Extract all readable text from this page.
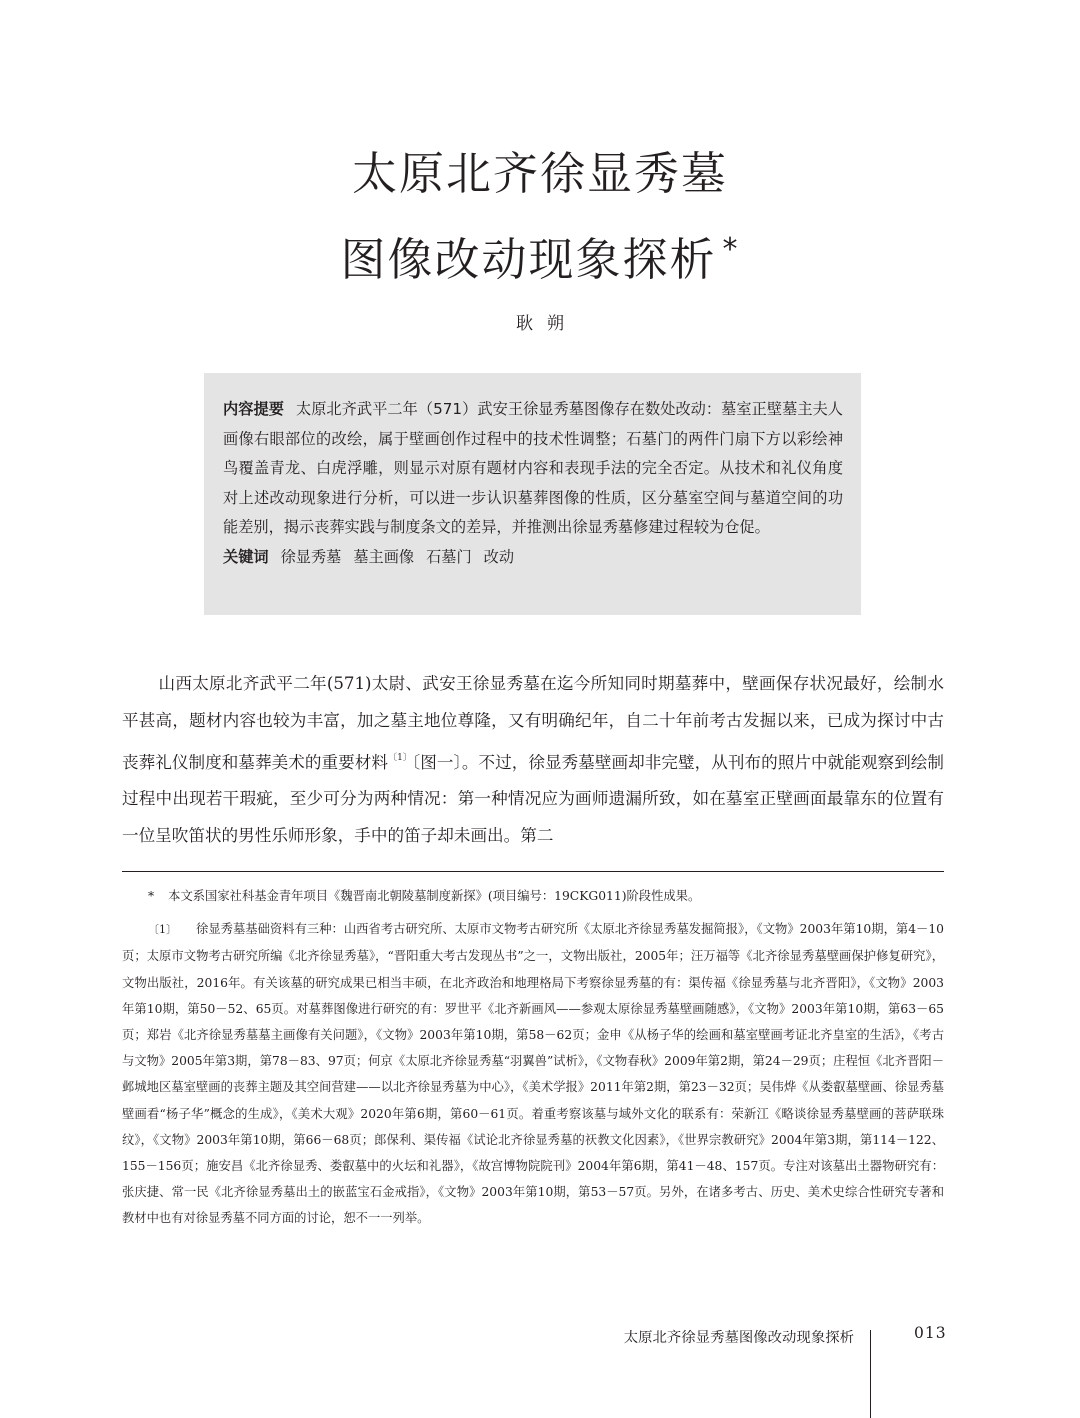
太原北齐徐显秀墓
图像改动现象探析 *
耿朔

内容提要 太原北齐武平二年（571）武安王徐显秀墓图像存在数处改动：墓室正壁墓主夫人画像右眼部位的改绘，属于壁画创作过程中的技术性调整；石墓门的两件门扇下方以彩绘神鸟覆盖青龙、白虎浮雕，则显示对原有题材内容和表现手法的完全否定。从技术和礼仪角度对上述改动现象进行分析，可以进一步认识墓葬图像的性质，区分墓室空间与墓道空间的功能差别，揭示丧葬实践与制度条文的差异，并推测出徐显秀墓修建过程较为仓促。

关键词 徐显秀墓 墓主画像 石墓门 改动

山西太原北齐武平二年(571)太尉、武安王徐显秀墓在迄今所知同时期墓葬中，壁画保存状况最好，绘制水平甚高，题材内容也较为丰富，加之墓主地位尊隆，又有明确纪年，自二十年前考古发掘以来，已成为探讨中古丧葬礼仪制度和墓葬美术的重要材料$^{〔1〕}$〔图一〕。不过，徐显秀墓壁画却非完璧，从刊布的照片中就能观察到绘制过程中出现若干瑕疵，至少可分为两种情况：第一种情况应为画师遗漏所致，如在墓室正壁画面最靠东的位置有一位呈吹笛状的男性乐师形象，手中的笛子却未画出。第二

* 本文系国家社科基金青年项目《魏晋南北朝陵墓制度新探》(项目编号：19CKG011)阶段性成果。

〔1〕 徐显秀墓基础资料有三种：山西省考古研究所、太原市文物考古研究所《太原北齐徐显秀墓发掘简报》，《文物》2003年第10期，第4－10页；太原市文物考古研究所编《北齐徐显秀墓》，“晋阳重大考古发现丛书”之一，文物出版社，2005年；汪万福等《北齐徐显秀墓壁画保护修复研究》，文物出版社，2016年。有关该墓的研究成果已相当丰硕，在北齐政治和地理格局下考察徐显秀墓的有：渠传福《徐显秀墓与北齐晋阳》，《文物》2003年第10期，第50－52、65页。对墓葬图像进行研究的有：罗世平《北齐新画风——参观太原徐显秀墓壁画随感》，《文物》2003年第10期，第63－65页；郑岩《北齐徐显秀墓墓主画像有关问题》，《文物》2003年第10期，第58－62页；金申《从杨子华的绘画和墓室壁画考证北齐皇室的生活》，《考古与文物》2005年第3期，第78－83、97页；何京《太原北齐徐显秀墓“羽翼兽”试析》，《文物春秋》2009年第2期，第24－29页；庄程恒《北齐晋阳－邺城地区墓室壁画的丧葬主题及其空间营建——以北齐徐显秀墓为中心》，《美术学报》2011年第2期，第23－32页；吴伟烨《从娄叡墓壁画、徐显秀墓壁画看“杨子华”概念的生成》，《美术大观》2020年第6期，第60－61页。着重考察该墓与域外文化的联系有：荣新江《略谈徐显秀墓壁画的菩萨联珠纹》，《文物》2003年第10期，第66－68页；郎保利、渠传福《试论北齐徐显秀墓的祆教文化因素》，《世界宗教研究》2004年第3期，第114－122、155－156页；施安昌《北齐徐显秀、娄叡墓中的火坛和礼器》，《故宫博物院院刊》2004年第6期，第41－48、157页。专注对该墓出土器物研究有：张庆捷、常一民《北齐徐显秀墓出土的嵌蓝宝石金戒指》，《文物》2003年第10期，第53－57页。另外，在诸多考古、历史、美术史综合性研究专著和教材中也有对徐显秀墓不同方面的讨论，恕不一一列举。

太原北齐徐显秀墓图像改动现象探析	013
